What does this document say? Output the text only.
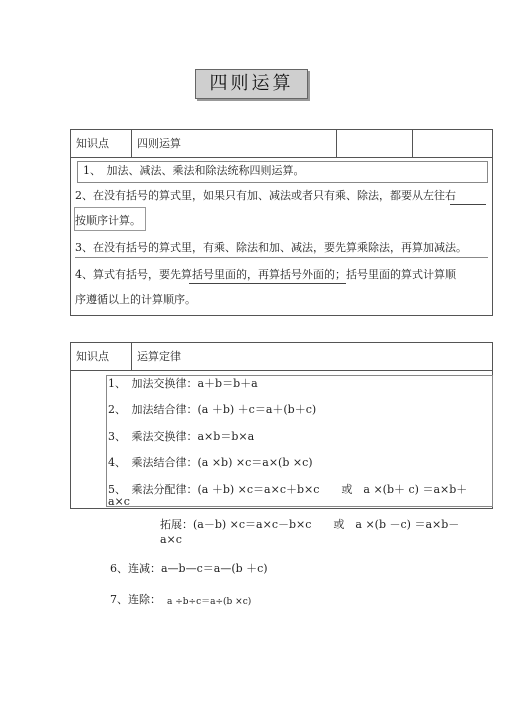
四则运算
知识点	四则运算
1、　加法、减法、乘法和除法统称四则运算。
2、在没有括号的算式里，如果只有加、减法或者只有乘、除法，都要从左往右
按顺序计算。
3、在没有括号的算式里，有乘、除法和加、减法，要先算乘除法，再算加减法。
4、算式有括号，要先算括号里面的，再算括号外面的；括号里面的算式计算顺
序遵循以上的计算顺序。
知识点	运算定律
1、　加法交换律：a＋b＝b＋a
2、　加法结合律：(a ＋b) ＋c＝a＋(b＋c)
3、　乘法交换律：a×b＝b×a
4、　乘法结合律：(a ×b) ×c＝a×(b ×c)
5、　乘法分配律：(a ＋b) ×c＝a×c＋b×c　　或　a ×(b＋ c) ＝a×b＋
a×c
拓展：(a－b) ×c＝a×c－b×c　　或　a ×(b －c) ＝a×b－
a×c
6、连减：a—b—c＝a—(b ＋c)
7、连除： a ÷b÷c＝a÷(b ×c)
